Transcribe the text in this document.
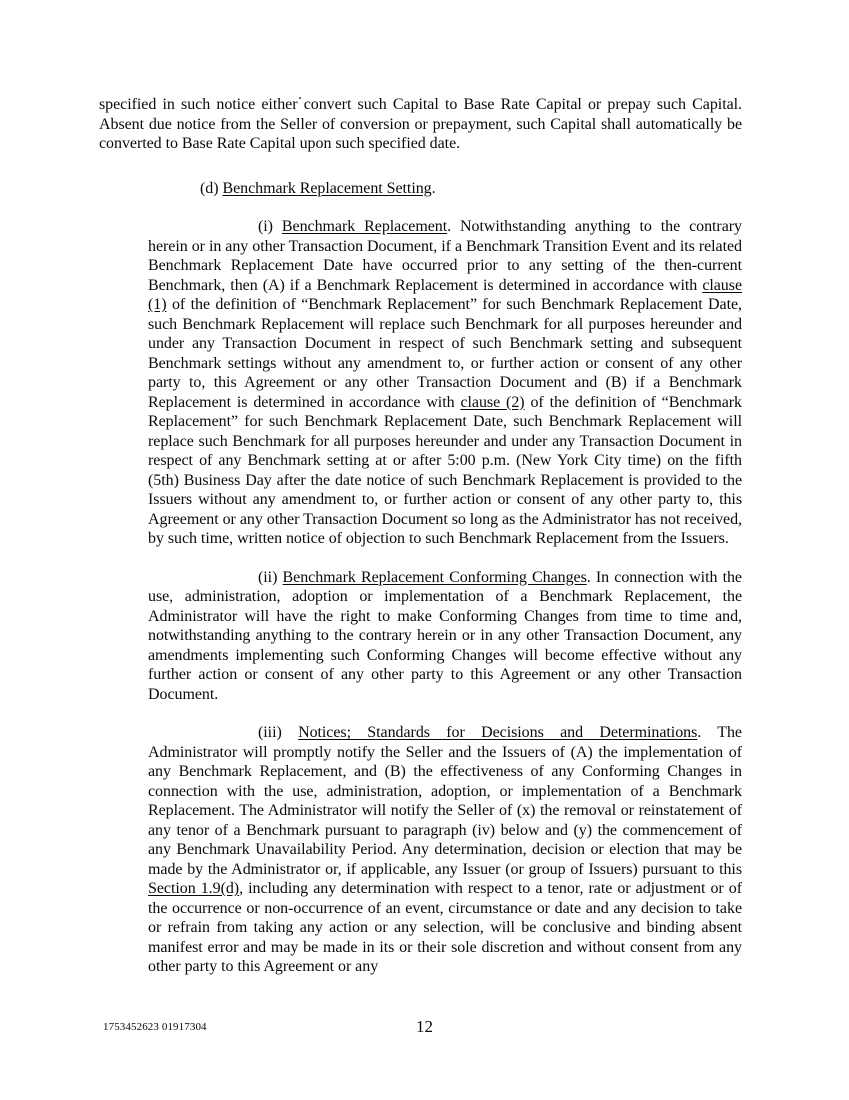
specified in such notice either convert such Capital to Base Rate Capital or prepay such Capital. Absent due notice from the Seller of conversion or prepayment, such Capital shall automatically be converted to Base Rate Capital upon such specified date.

(d) Benchmark Replacement Setting.

(i) Benchmark Replacement. Notwithstanding anything to the contrary herein or in any other Transaction Document, if a Benchmark Transition Event and its related Benchmark Replacement Date have occurred prior to any setting of the then-current Benchmark, then (A) if a Benchmark Replacement is determined in accordance with clause (1) of the definition of “Benchmark Replacement” for such Benchmark Replacement Date, such Benchmark Replacement will replace such Benchmark for all purposes hereunder and under any Transaction Document in respect of such Benchmark setting and subsequent Benchmark settings without any amendment to, or further action or consent of any other party to, this Agreement or any other Transaction Document and (B) if a Benchmark Replacement is determined in accordance with clause (2) of the definition of “Benchmark Replacement” for such Benchmark Replacement Date, such Benchmark Replacement will replace such Benchmark for all purposes hereunder and under any Transaction Document in respect of any Benchmark setting at or after 5:00 p.m. (New York City time) on the fifth (5th) Business Day after the date notice of such Benchmark Replacement is provided to the Issuers without any amendment to, or further action or consent of any other party to, this Agreement or any other Transaction Document so long as the Administrator has not received, by such time, written notice of objection to such Benchmark Replacement from the Issuers.

(ii) Benchmark Replacement Conforming Changes. In connection with the use, administration, adoption or implementation of a Benchmark Replacement, the Administrator will have the right to make Conforming Changes from time to time and, notwithstanding anything to the contrary herein or in any other Transaction Document, any amendments implementing such Conforming Changes will become effective without any further action or consent of any other party to this Agreement or any other Transaction Document.

(iii) Notices; Standards for Decisions and Determinations. The Administrator will promptly notify the Seller and the Issuers of (A) the implementation of any Benchmark Replacement, and (B) the effectiveness of any Conforming Changes in connection with the use, administration, adoption, or implementation of a Benchmark Replacement. The Administrator will notify the Seller of (x) the removal or reinstatement of any tenor of a Benchmark pursuant to paragraph (iv) below and (y) the commencement of any Benchmark Unavailability Period. Any determination, decision or election that may be made by the Administrator or, if applicable, any Issuer (or group of Issuers) pursuant to this Section 1.9(d), including any determination with respect to a tenor, rate or adjustment or of the occurrence or non-occurrence of an event, circumstance or date and any decision to take or refrain from taking any action or any selection, will be conclusive and binding absent manifest error and may be made in its or their sole discretion and without consent from any other party to this Agreement or any

1753452623 01917304	12
